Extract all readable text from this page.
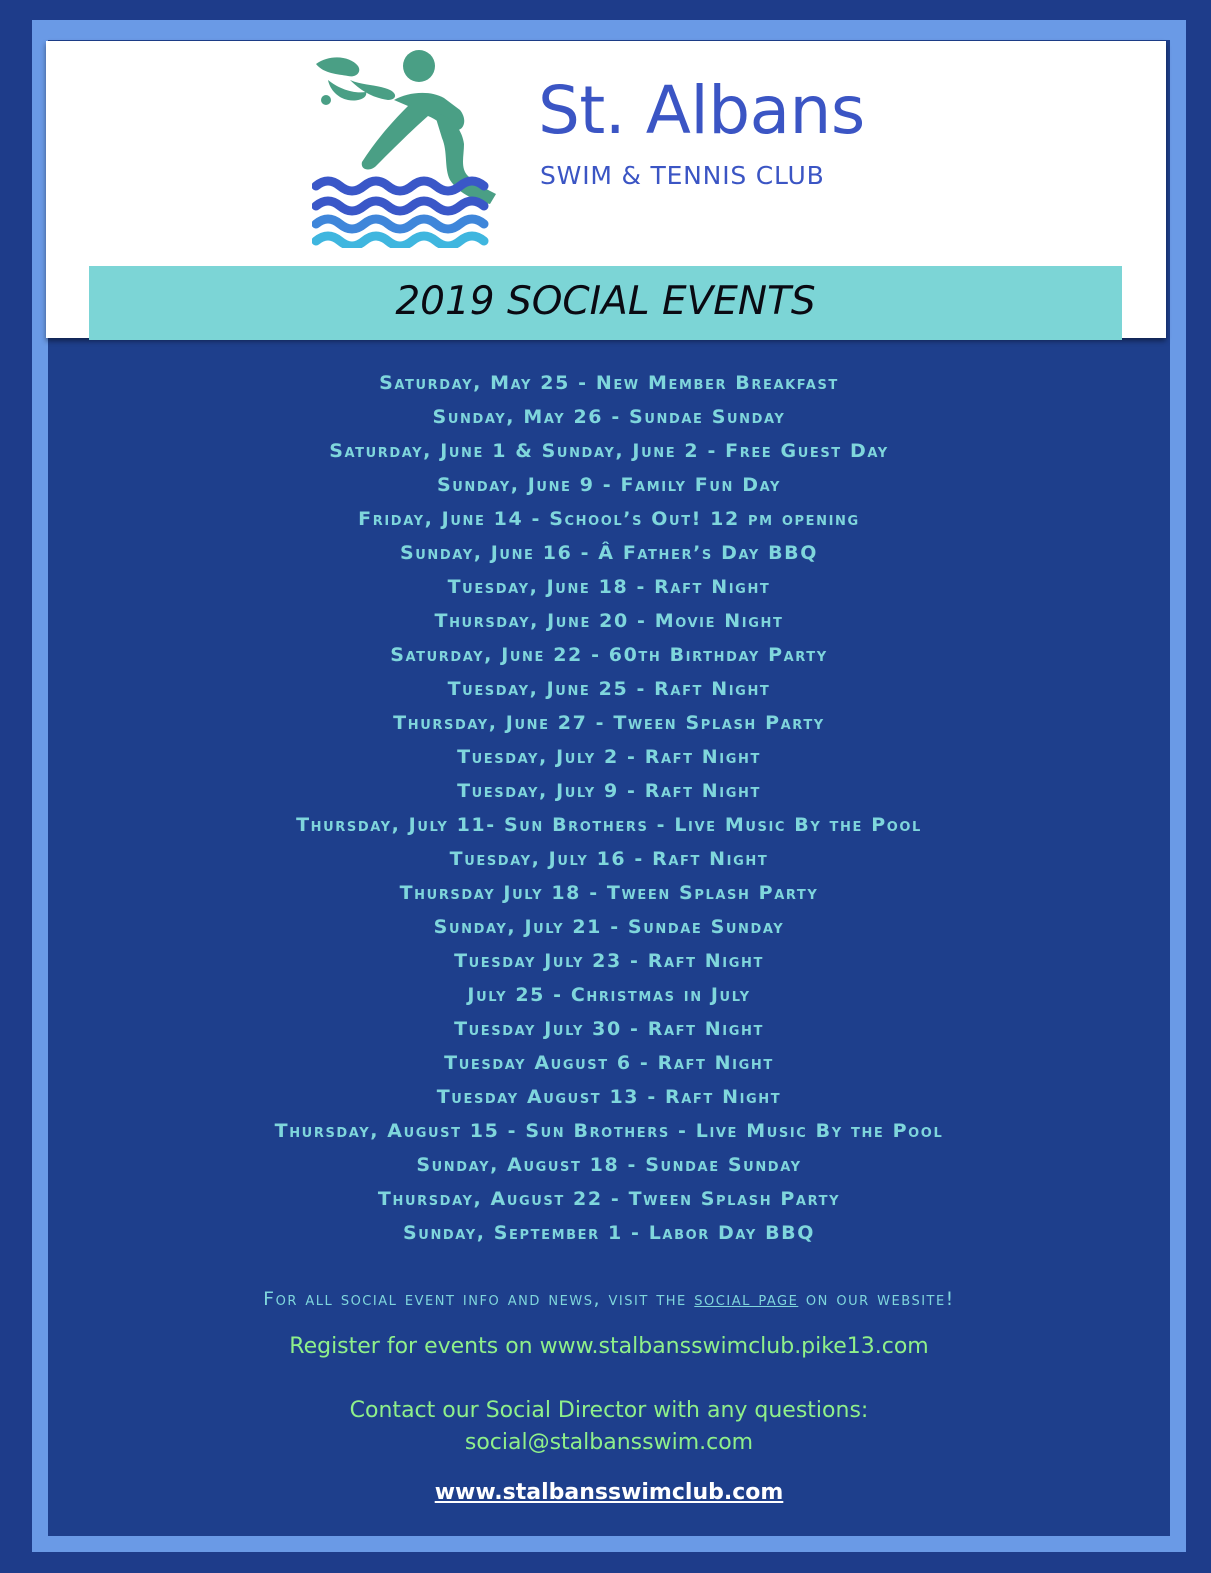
St. Albans
SWIM & TENNIS CLUB
2019 SOCIAL EVENTS
Saturday, May 25 - New Member Breakfast
Sunday, May 26 - Sundae Sunday
Saturday, June 1 & Sunday, June 2 - Free Guest Day
Sunday, June 9 - Family Fun Day
Friday, June 14 - School’s Out! 12 pm opening
Sunday, June 16 - Â Father’s Day BBQ
Tuesday, June 18 - Raft Night
Thursday, June 20 - Movie Night
Saturday, June 22 - 60th Birthday Party
Tuesday, June 25 - Raft Night
Thursday, June 27 - Tween Splash Party
Tuesday, July 2 - Raft Night
Tuesday, July 9 - Raft Night
Thursday, July 11- Sun Brothers - Live Music By the Pool
Tuesday, July 16 - Raft Night
Thursday July 18 - Tween Splash Party
Sunday, July 21 - Sundae Sunday
Tuesday July 23 - Raft Night
July 25 - Christmas in July
Tuesday July 30 - Raft Night
Tuesday August 6 - Raft Night
Tuesday August 13 - Raft Night
Thursday, August 15 - Sun Brothers - Live Music By the Pool
Sunday, August 18 - Sundae Sunday
Thursday, August 22 - Tween Splash Party
Sunday, September 1 - Labor Day BBQ
For all social event info and news, visit the social page on our website!
Register for events on www.stalbansswimclub.pike13.com
Contact our Social Director with any questions:
social@stalbansswim.com
www.stalbansswimclub.com
